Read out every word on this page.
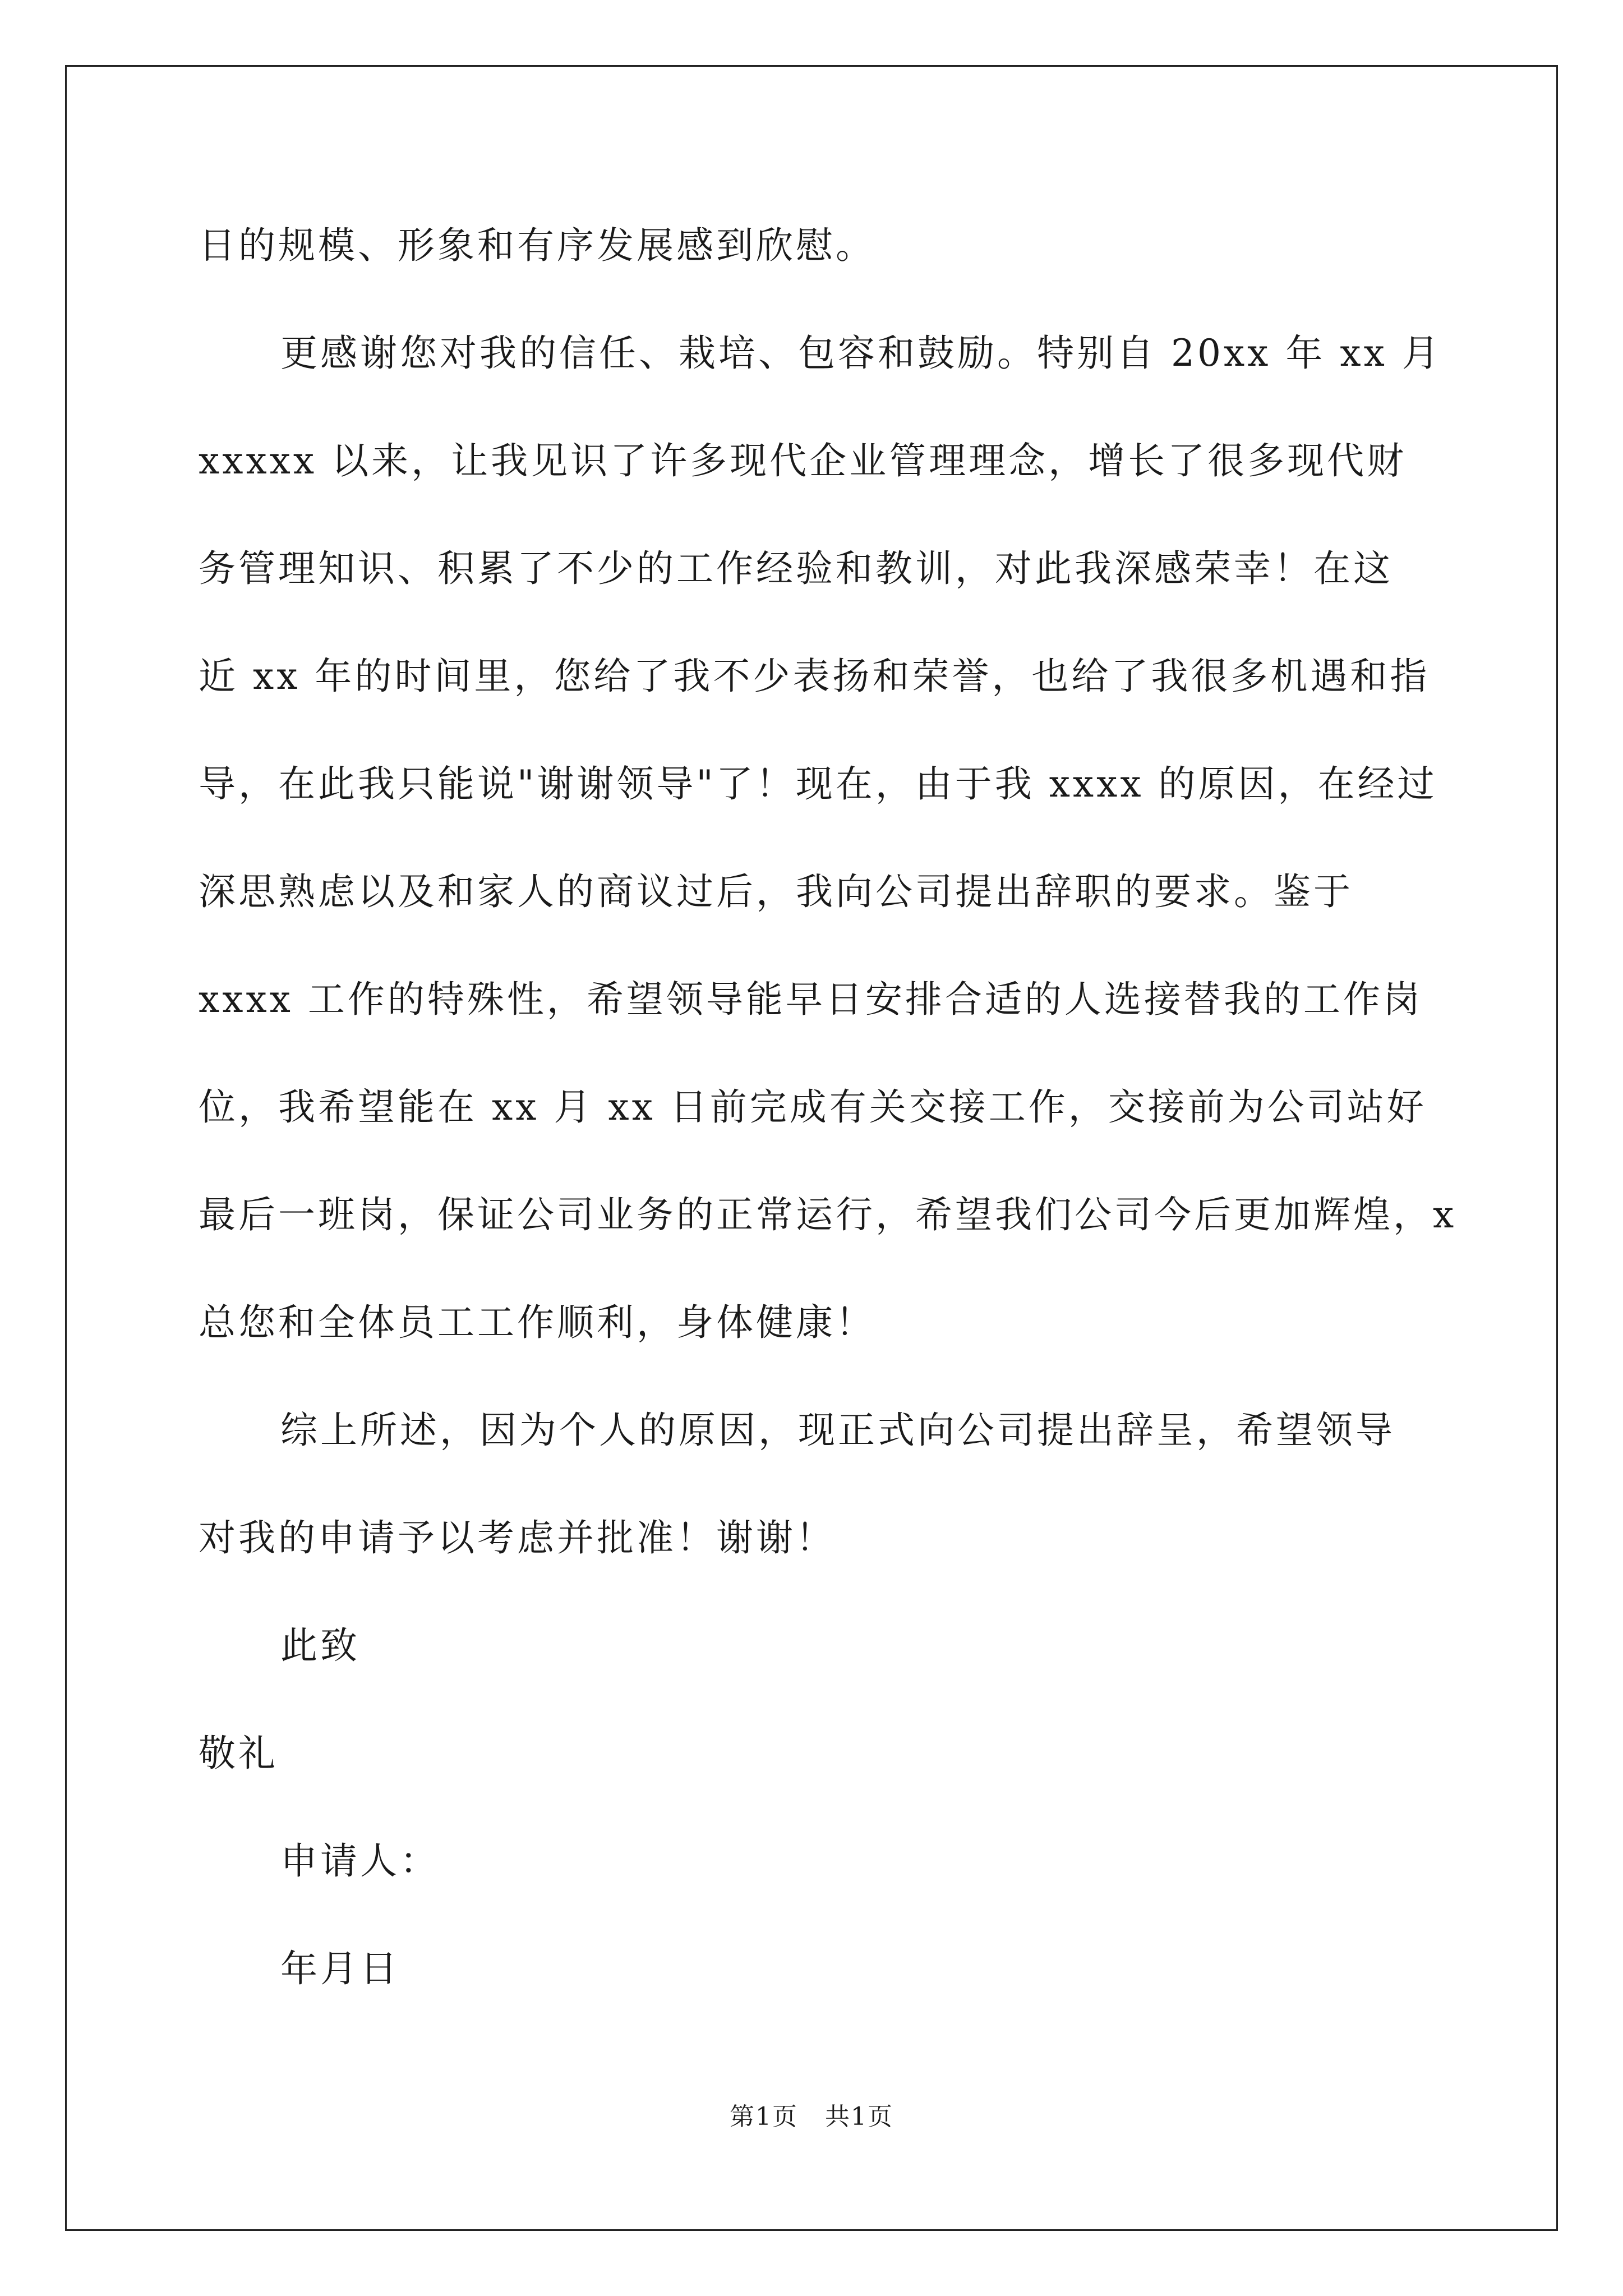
日的规模、形象和有序发展感到欣慰。
更感谢您对我的信任、栽培、包容和鼓励。特别自 20xx 年 xx 月
xxxxx 以来，让我见识了许多现代企业管理理念，增长了很多现代财
务管理知识、积累了不少的工作经验和教训，对此我深感荣幸！在这
近 xx 年的时间里，您给了我不少表扬和荣誉，也给了我很多机遇和指
导，在此我只能说"谢谢领导"了！现在，由于我 xxxx 的原因，在经过
深思熟虑以及和家人的商议过后，我向公司提出辞职的要求。鉴于
xxxx 工作的特殊性，希望领导能早日安排合适的人选接替我的工作岗
位，我希望能在 xx 月 xx 日前完成有关交接工作，交接前为公司站好
最后一班岗，保证公司业务的正常运行，希望我们公司今后更加辉煌，x
总您和全体员工工作顺利，身体健康！
综上所述，因为个人的原因，现正式向公司提出辞呈，希望领导
对我的申请予以考虑并批准！谢谢！
此致
敬礼
申请人：
年月日
第1页   共1页
